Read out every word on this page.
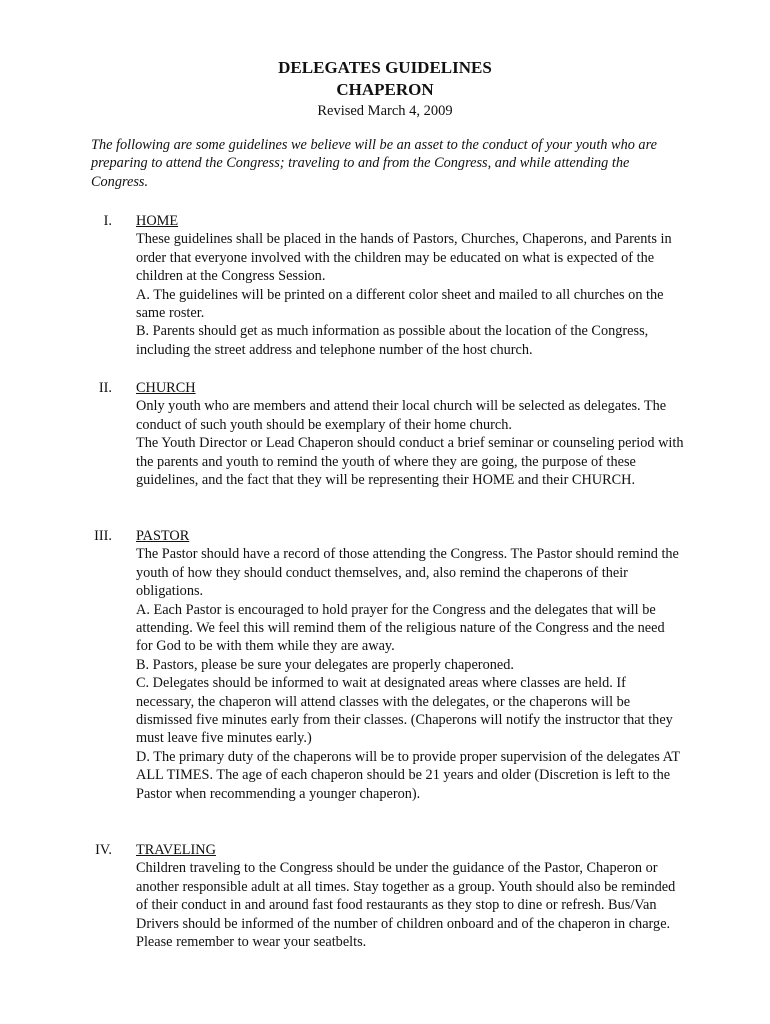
DELEGATES GUIDELINES
CHAPERON
Revised March 4, 2009
The following are some guidelines we believe will be an asset to the conduct of your youth who are preparing to attend the Congress; traveling to and from the Congress, and while attending the Congress.
I. HOME

These guidelines shall be placed in the hands of Pastors, Churches, Chaperons, and Parents in order that everyone involved with the children may be educated on what is expected of the children at the Congress Session.

A. The guidelines will be printed on a different color sheet and mailed to all churches on the same roster.

B. Parents should get as much information as possible about the location of the Congress, including the street address and telephone number of the host church.

II. CHURCH

Only youth who are members and attend their local church will be selected as delegates. The conduct of such youth should be exemplary of their home church.

The Youth Director or Lead Chaperon should conduct a brief seminar or counseling period with the parents and youth to remind the youth of where they are going, the purpose of these guidelines, and the fact that they will be representing their HOME and their CHURCH.

III. PASTOR

The Pastor should have a record of those attending the Congress. The Pastor should remind the youth of how they should conduct themselves, and, also remind the chaperons of their obligations.

A. Each Pastor is encouraged to hold prayer for the Congress and the delegates that will be attending. We feel this will remind them of the religious nature of the Congress and the need for God to be with them while they are away.

B. Pastors, please be sure your delegates are properly chaperoned.

C. Delegates should be informed to wait at designated areas where classes are held. If necessary, the chaperon will attend classes with the delegates, or the chaperons will be dismissed five minutes early from their classes. (Chaperons will notify the instructor that they must leave five minutes early.)

D. The primary duty of the chaperons will be to provide proper supervision of the delegates AT ALL TIMES. The age of each chaperon should be 21 years and older (Discretion is left to the Pastor when recommending a younger chaperon).

IV. TRAVELING

Children traveling to the Congress should be under the guidance of the Pastor, Chaperon or another responsible adult at all times. Stay together as a group. Youth should also be reminded of their conduct in and around fast food restaurants as they stop to dine or refresh. Bus/Van Drivers should be informed of the number of children onboard and of the chaperon in charge. Please remember to wear your seatbelts.
